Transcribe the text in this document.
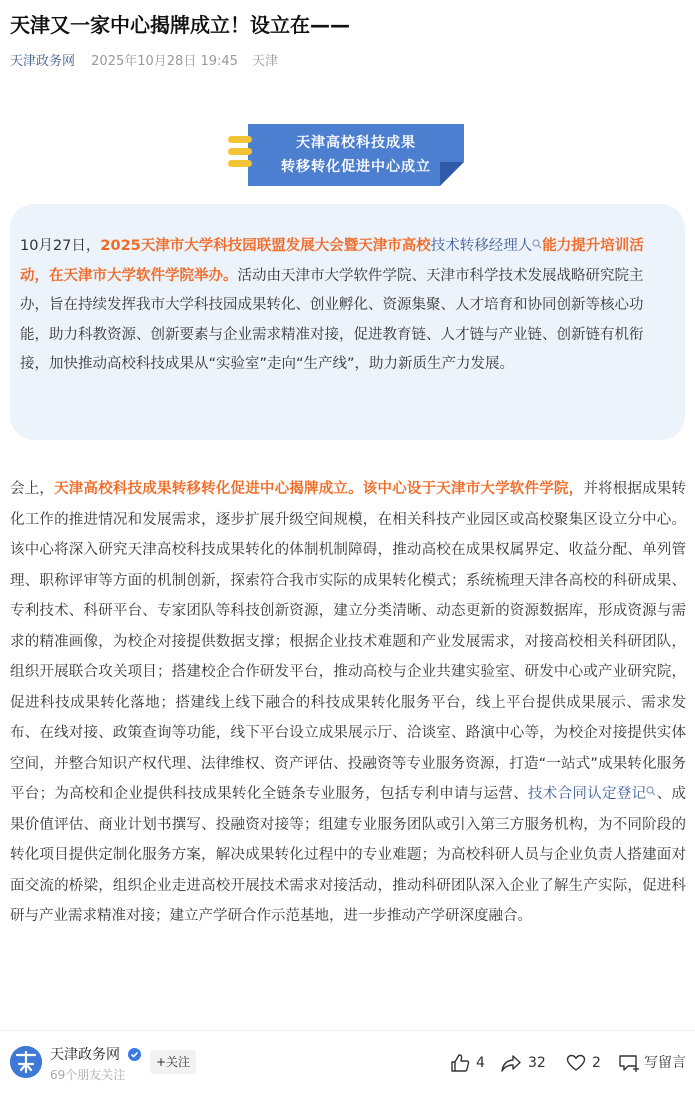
天津又一家中心揭牌成立！设立在——
天津政务网 2025年10月28日 19:45 天津
天津高校科技成果
转移转化促进中心成立

10月27日，2025天津市大学科技园联盟发展大会暨天津市高校技术转移经理人 能力提升培训活动，在天津市大学软件学院举办。活动由天津市大学软件学院、天津市科学技术发展战略研究院主办，旨在持续发挥我市大学科技园成果转化、创业孵化、资源集聚、人才培育和协同创新等核心功能，助力科教资源、创新要素与企业需求精准对接，促进教育链、人才链与产业链、创新链有机衔接，加快推动高校科技成果从“实验室”走向“生产线”，助力新质生产力发展。

会上，天津高校科技成果转移转化促进中心揭牌成立。该中心设于天津市大学软件学院，并将根据成果转化工作的推进情况和发展需求，逐步扩展升级空间规模，在相关科技产业园区或高校聚集区设立分中心。该中心将深入研究天津高校科技成果转化的体制机制障碍，推动高校在成果权属界定、收益分配、单列管理、职称评审等方面的机制创新，探索符合我市实际的成果转化模式；系统梳理天津各高校的科研成果、专利技术、科研平台、专家团队等科技创新资源，建立分类清晰、动态更新的资源数据库，形成资源与需求的精准画像，为校企对接提供数据支撑；根据企业技术难题和产业发展需求，对接高校相关科研团队，组织开展联合攻关项目；搭建校企合作研发平台，推动高校与企业共建实验室、研发中心或产业研究院，促进科技成果转化落地；搭建线上线下融合的科技成果转化服务平台，线上平台提供成果展示、需求发布、在线对接、政策查询等功能，线下平台设立成果展示厅、洽谈室、路演中心等，为校企对接提供实体空间，并整合知识产权代理、法律维权、资产评估、投融资等专业服务资源，打造“一站式”成果转化服务平台；为高校和企业提供科技成果转化全链条专业服务，包括专利申请与运营、技术合同认定登记 、成果价值评估、商业计划书撰写、投融资对接等；组建专业服务团队或引入第三方服务机构，为不同阶段的转化项目提供定制化服务方案，解决成果转化过程中的专业难题；为高校科研人员与企业负责人搭建面对面交流的桥梁，组织企业走进高校开展技术需求对接活动，推动科研团队深入企业了解生产实际，促进科研与产业需求精准对接；建立产学研合作示范基地，进一步推动产学研深度融合。

天津政务网
69个朋友关注
+关注	4	32	2	写留言
